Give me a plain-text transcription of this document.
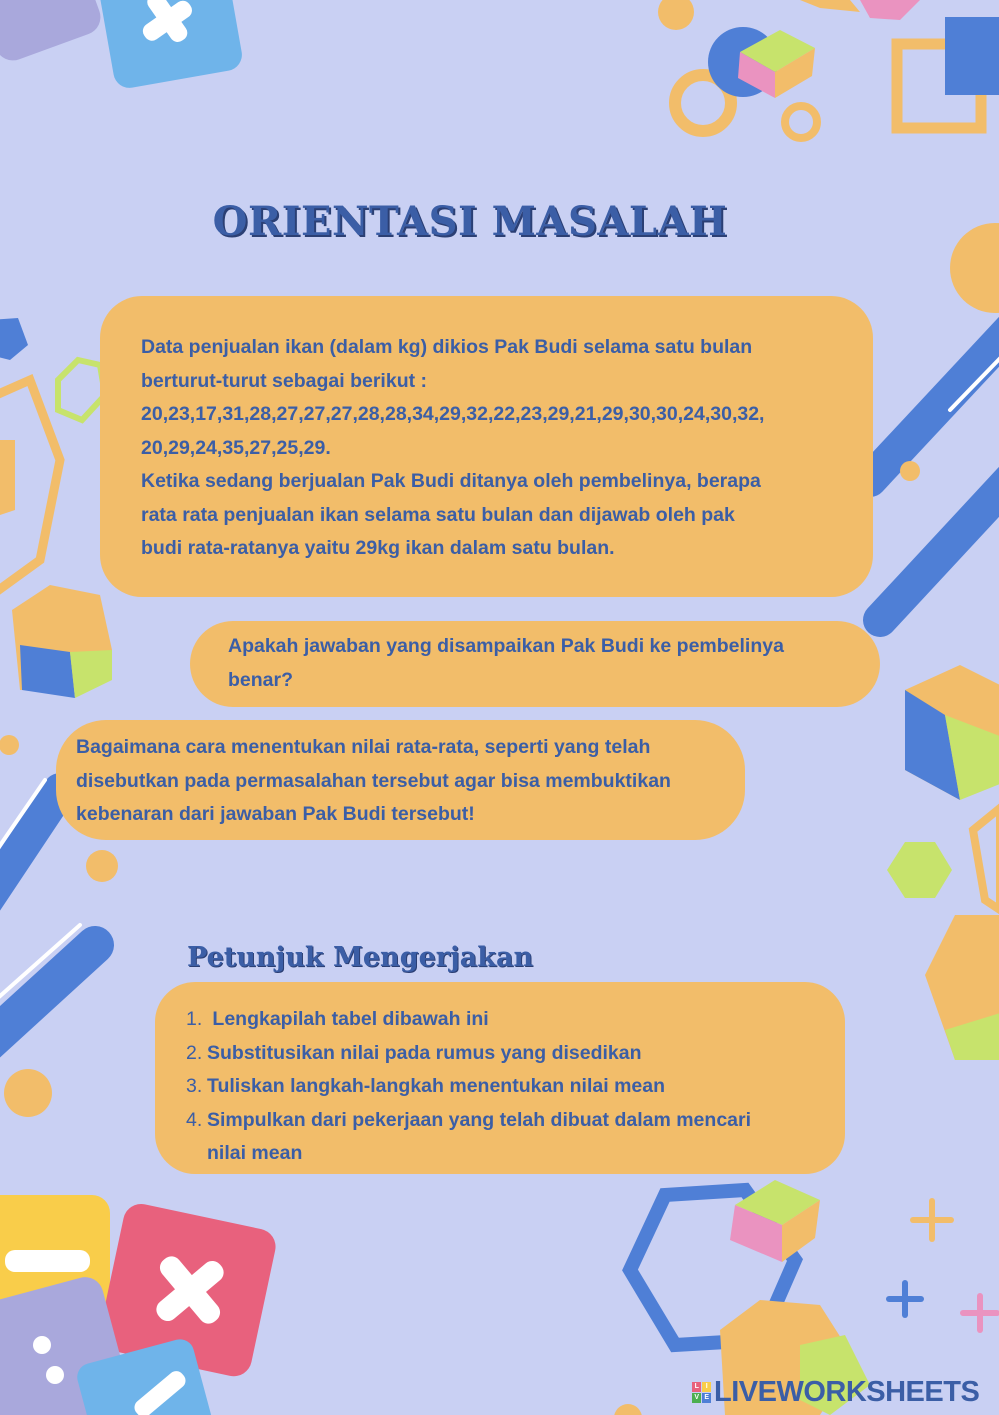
ORIENTASI MASALAH

Data penjualan ikan (dalam kg) dikios Pak Budi selama satu bulan

berturut-turut sebagai berikut :

20,23,17,31,28,27,27,27,28,28,34,29,32,22,23,29,21,29,30,30,24,30,32,

20,29,24,35,27,25,29.

Ketika sedang berjualan Pak Budi ditanya oleh pembelinya, berapa

rata rata penjualan ikan selama satu bulan dan dijawab oleh pak

budi rata-ratanya yaitu 29kg ikan dalam satu bulan.

Apakah jawaban yang disampaikan Pak Budi ke pembelinya

benar?

Bagaimana cara menentukan nilai rata-rata, seperti yang telah

disebutkan pada permasalahan tersebut agar bisa membuktikan

kebenaran dari jawaban Pak Budi tersebut!

Petunjuk Mengerjakan
1. Lengkapilah tabel dibawah ini
2. Substitusikan nilai pada rumus yang disedikan
3. Tuliskan langkah-langkah menentukan nilai mean
4. Simpulkan dari pekerjaan yang telah dibuat dalam mencari
nilai mean
L	I
V E LIVEWORKSHEETS
